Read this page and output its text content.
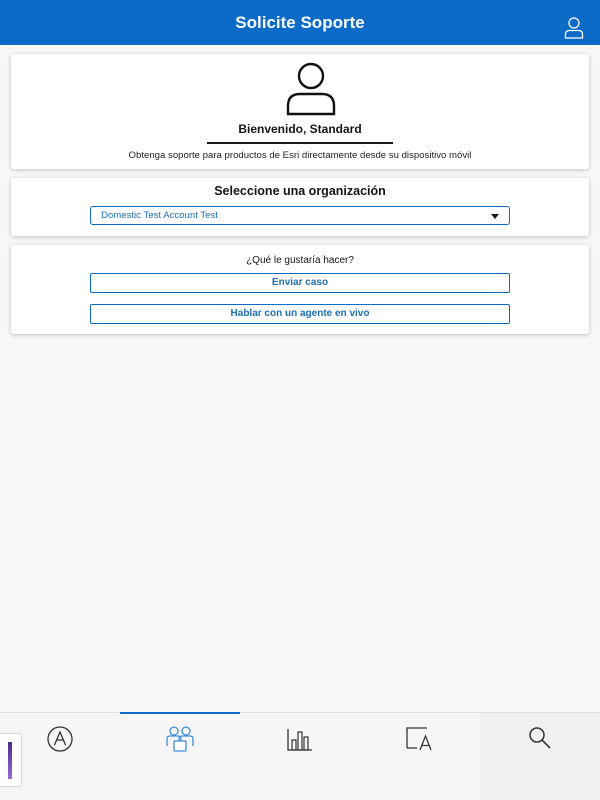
Solicite Soporte
Bienvenido, Standard
Obtenga soporte para productos de Esri directamente desde su dispositivo móvil
Seleccione una organización
Domestic Test Account Test
¿Qué le gustaría hacer?
Enviar caso
Hablar con un agente en vivo
